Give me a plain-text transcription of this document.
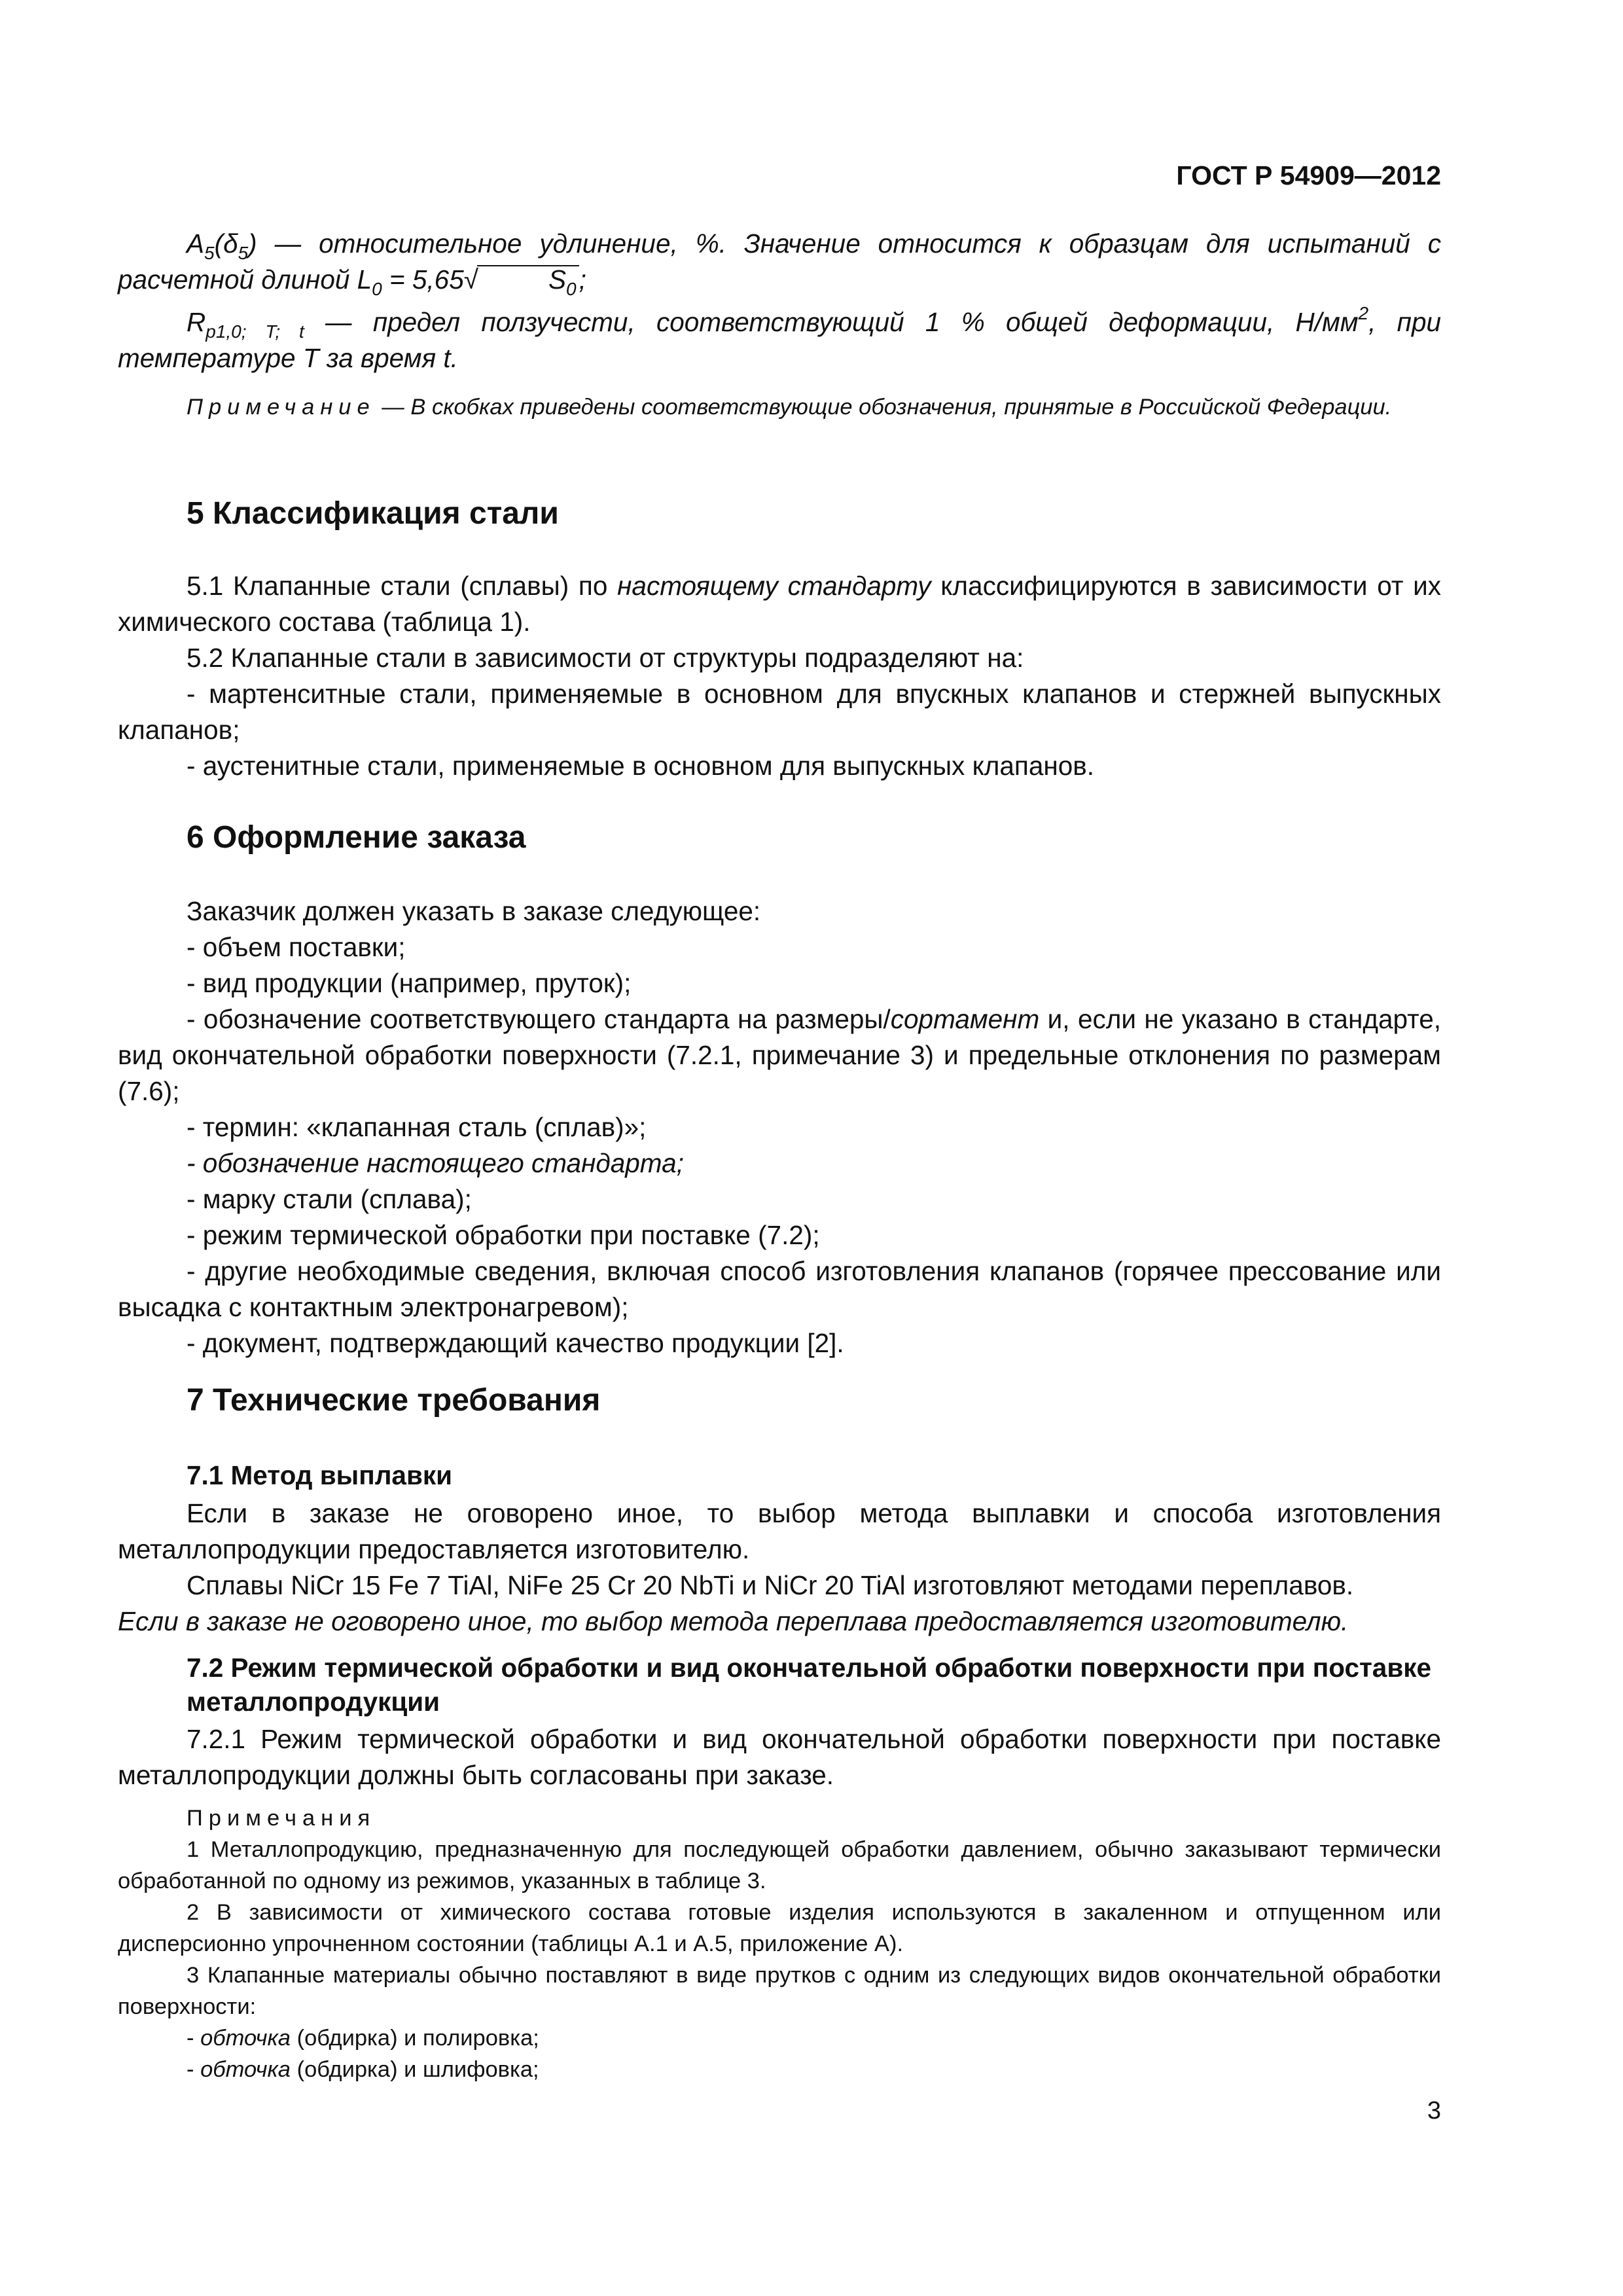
ГОСТ Р 54909—2012

$A_5(\delta_5)$ — относительное удлинение, %. Значение относится к образцам для испытаний с расчетной длиной $L_0 = 5,65√$	$S_0$;

$R_{p1,0; T; t}$ — предел ползучести, соответствующий 1 % общей деформации, $Н/мм^2$, при температуре T за время t.

Примечание — В скобках приведены соответствующие обозначения, принятые в Российской Федерации.

5 Классификация стали

5.1 Клапанные стали (сплавы) по настоящему стандарту классифицируются в зависимости от их химического состава (таблица 1).

5.2 Клапанные стали в зависимости от структуры подразделяют на:

- мартенситные стали, применяемые в основном для впускных клапанов и стержней выпускных клапанов;

- аустенитные стали, применяемые в основном для выпускных клапанов.

6 Оформление заказа

Заказчик должен указать в заказе следующее:

- объем поставки;

- вид продукции (например, пруток);

- обозначение соответствующего стандарта на размеры/сортамент и, если не указано в стандарте, вид окончательной обработки поверхности (7.2.1, примечание 3) и предельные отклонения по размерам (7.6);

- термин: «клапанная сталь (сплав)»;

- обозначение настоящего стандарта;

- марку стали (сплава);

- режим термической обработки при поставке (7.2);

- другие необходимые сведения, включая способ изготовления клапанов (горячее прессование или высадка с контактным электронагревом);

- документ, подтверждающий качество продукции [2].

7 Технические требования
7.1 Метод выплавки

Если в заказе не оговорено иное, то выбор метода выплавки и способа изготовления металлопродукции предоставляется изготовителю.

Сплавы NiCr 15 Fe 7 TiAl, NiFe 25 Cr 20 NbTi и NiCr 20 TiAl изготовляют методами переплавов.

Если в заказе не оговорено иное, то выбор метода переплава предоставляется изготовителю.

7.2 Режим термической обработки и вид окончательной обработки поверхности при поставке металлопродукции

7.2.1 Режим термической обработки и вид окончательной обработки поверхности при поставке металлопродукции должны быть согласованы при заказе.

Примечания

1 Металлопродукцию, предназначенную для последующей обработки давлением, обычно заказывают термически обработанной по одному из режимов, указанных в таблице 3.

2 В зависимости от химического состава готовые изделия используются в закаленном и отпущенном или дисперсионно упрочненном состоянии (таблицы А.1 и А.5, приложение А).

3 Клапанные материалы обычно поставляют в виде прутков с одним из следующих видов окончательной обработки поверхности:

- обточка (обдирка) и полировка;

- обточка (обдирка) и шлифовка;

3
